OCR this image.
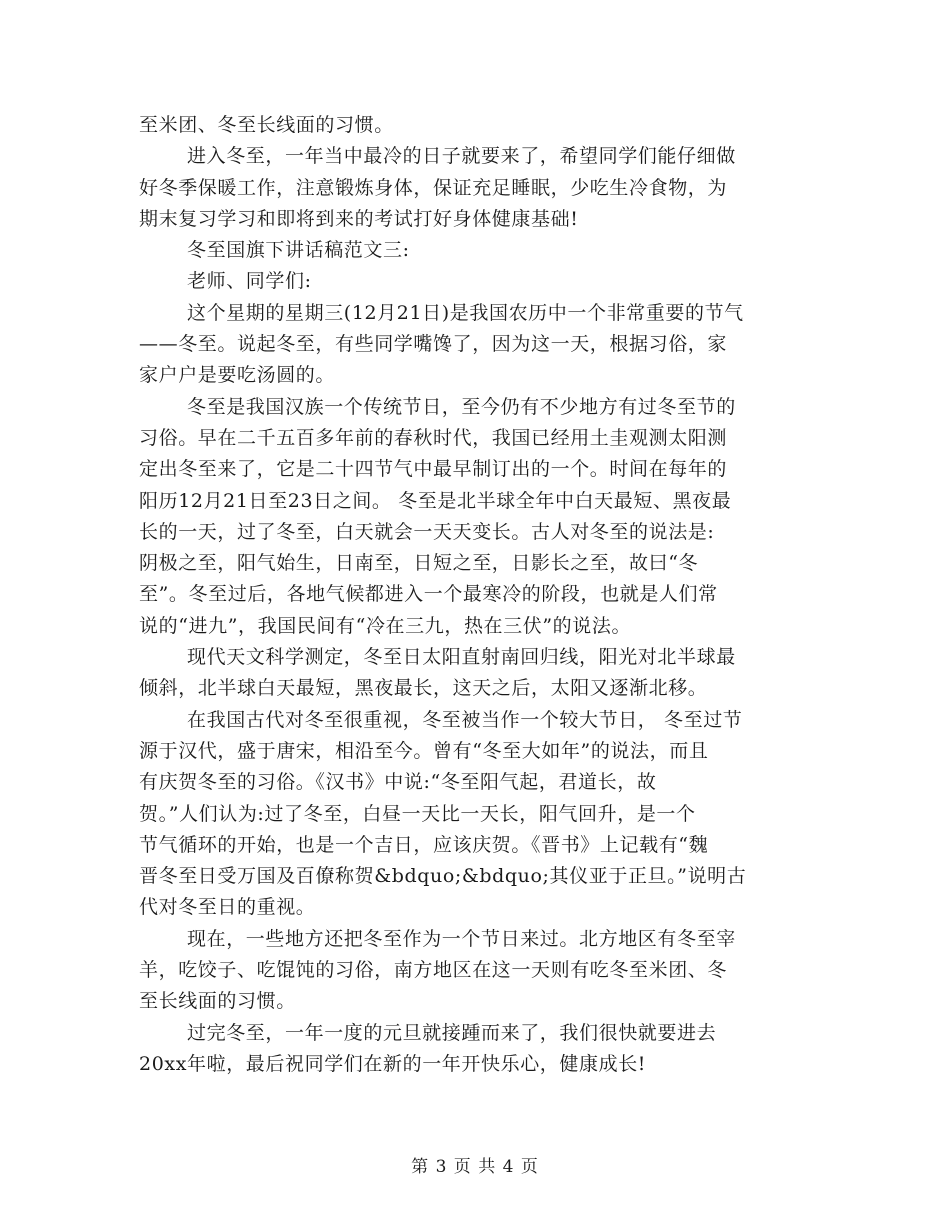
至米团、冬至长线面的习惯。
进入冬至，一年当中最冷的日子就要来了，希望同学们能仔细做
好冬季保暖工作，注意锻炼身体，保证充足睡眠，少吃生冷食物，为
期末复习学习和即将到来的考试打好身体健康基础!
冬至国旗下讲话稿范文三:
老师、同学们:
这个星期的星期三(12月21日)是我国农历中一个非常重要的节气
——冬至。说起冬至，有些同学嘴馋了，因为这一天，根据习俗，家
家户户是要吃汤圆的。
冬至是我国汉族一个传统节日，至今仍有不少地方有过冬至节的
习俗。早在二千五百多年前的春秋时代，我国已经用土圭观测太阳测
定出冬至来了，它是二十四节气中最早制订出的一个。时间在每年的
阳历12月21日至23日之间。 冬至是北半球全年中白天最短、黑夜最
长的一天，过了冬至，白天就会一天天变长。古人对冬至的说法是:
阴极之至，阳气始生，日南至，日短之至，日影长之至，故曰“冬
至”。冬至过后，各地气候都进入一个最寒冷的阶段，也就是人们常
说的“进九”，我国民间有“冷在三九，热在三伏”的说法。
现代天文科学测定，冬至日太阳直射南回归线，阳光对北半球最
倾斜，北半球白天最短，黑夜最长，这天之后，太阳又逐渐北移。
在我国古代对冬至很重视，冬至被当作一个较大节日， 冬至过节
源于汉代，盛于唐宋，相沿至今。曾有“冬至大如年”的说法，而且
有庆贺冬至的习俗。《汉书》中说:“冬至阳气起，君道长，故
贺。”人们认为:过了冬至，白昼一天比一天长，阳气回升，是一个
节气循环的开始，也是一个吉日，应该庆贺。《晋书》上记载有“魏
晋冬至日受万国及百僚称贺&bdquo;&bdquo;其仪亚于正旦。”说明古
代对冬至日的重视。
现在，一些地方还把冬至作为一个节日来过。北方地区有冬至宰
羊，吃饺子、吃馄饨的习俗，南方地区在这一天则有吃冬至米团、冬
至长线面的习惯。
过完冬至，一年一度的元旦就接踵而来了，我们很快就要进去
20xx年啦，最后祝同学们在新的一年开快乐心，健康成长!
第 3 页 共 4 页
